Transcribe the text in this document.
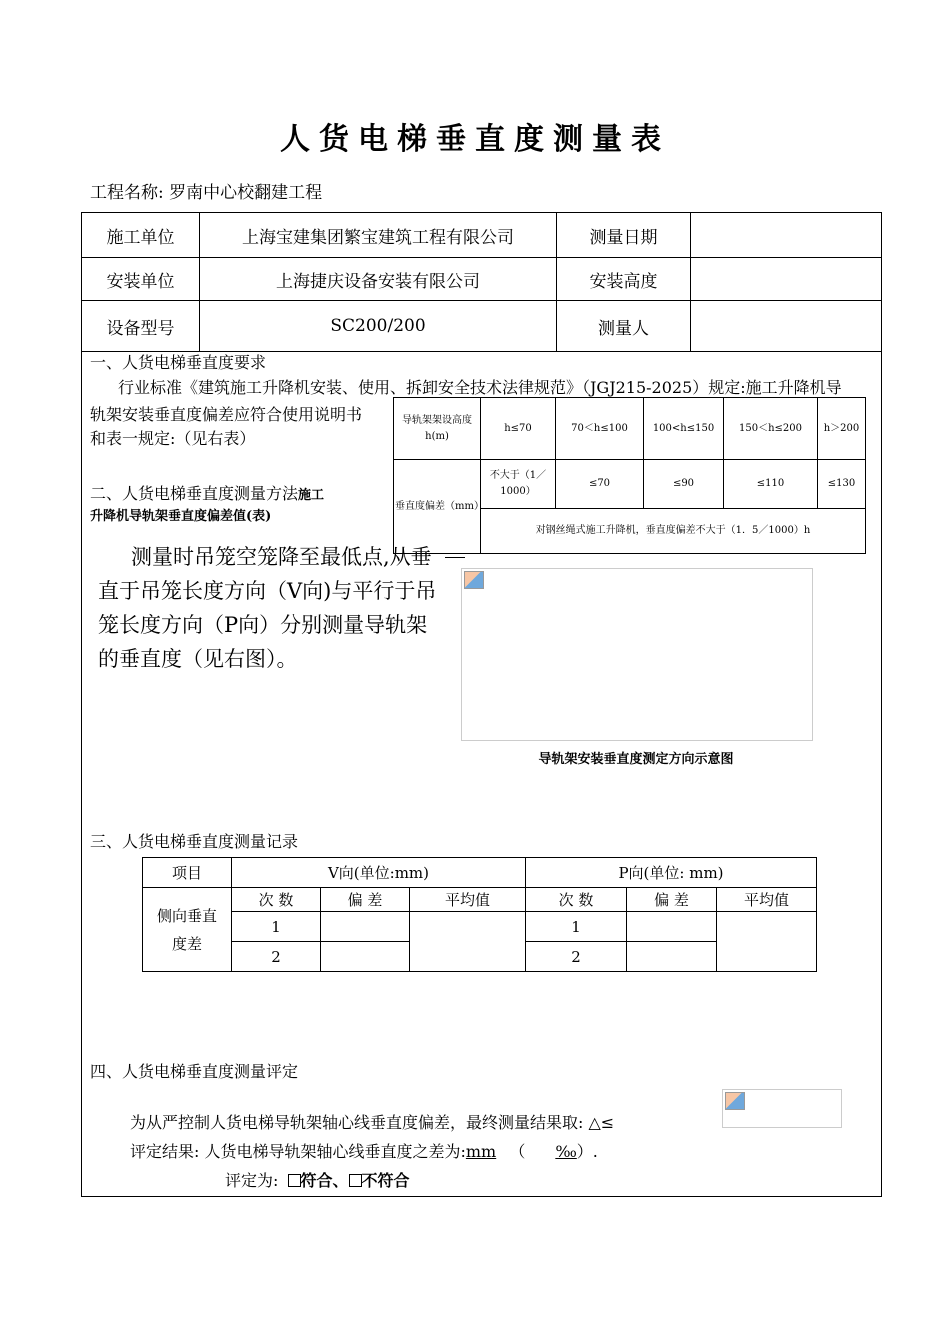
人货电梯垂直度测量表
工程名称: 罗南中心校翻建工程
施工单位	上海宝建集团繁宝建筑工程有限公司	测量日期	
安装单位	上海捷庆设备安装有限公司	安装高度	
设备型号	SC200/200	测量人	
一、人货电梯垂直度要求
行业标准《建筑施工升降机安装、使用、拆卸安全技术法律规范》（JGJ215-2025）规定:施工升降机导
轨架安装垂直度偏差应符合使用说明书
和表一规定:（见右表）
导轨架架设高度h(m)	h≤70	70＜h≤100	100<h≤150	150＜h≤200	h＞200
垂直度偏差（mm）	不大于（1／1000）	≤70	≤90	≤110	≤130
	对钢丝绳式施工升降机，垂直度偏差不大于（1．5／1000）h				
二、人货电梯垂直度测量方法施工
升降机导轨架垂直度偏差值(表)
测量时吊笼空笼降至最低点,从垂直于吊笼长度方向（V向)与平行于吊笼长度方向（P向）分别测量导轨架的垂直度（见右图）。
导轨架安装垂直度测定方向示意图
三、人货电梯垂直度测量记录
项目	V向(单位:mm)			P向(单位: mm)		
侧向垂直度差	次 数	偏 差	平均值	次 数	偏 差	平均值
	1			1		
	2			2		
四、人货电梯垂直度测量评定
为从严控制人货电梯导轨架轴心线垂直度偏差，最终测量结果取: △≤
评定结果: 人货电梯导轨架轴心线垂直度之差为:mm （ ‰）.
评定为: 符合、 不符合
